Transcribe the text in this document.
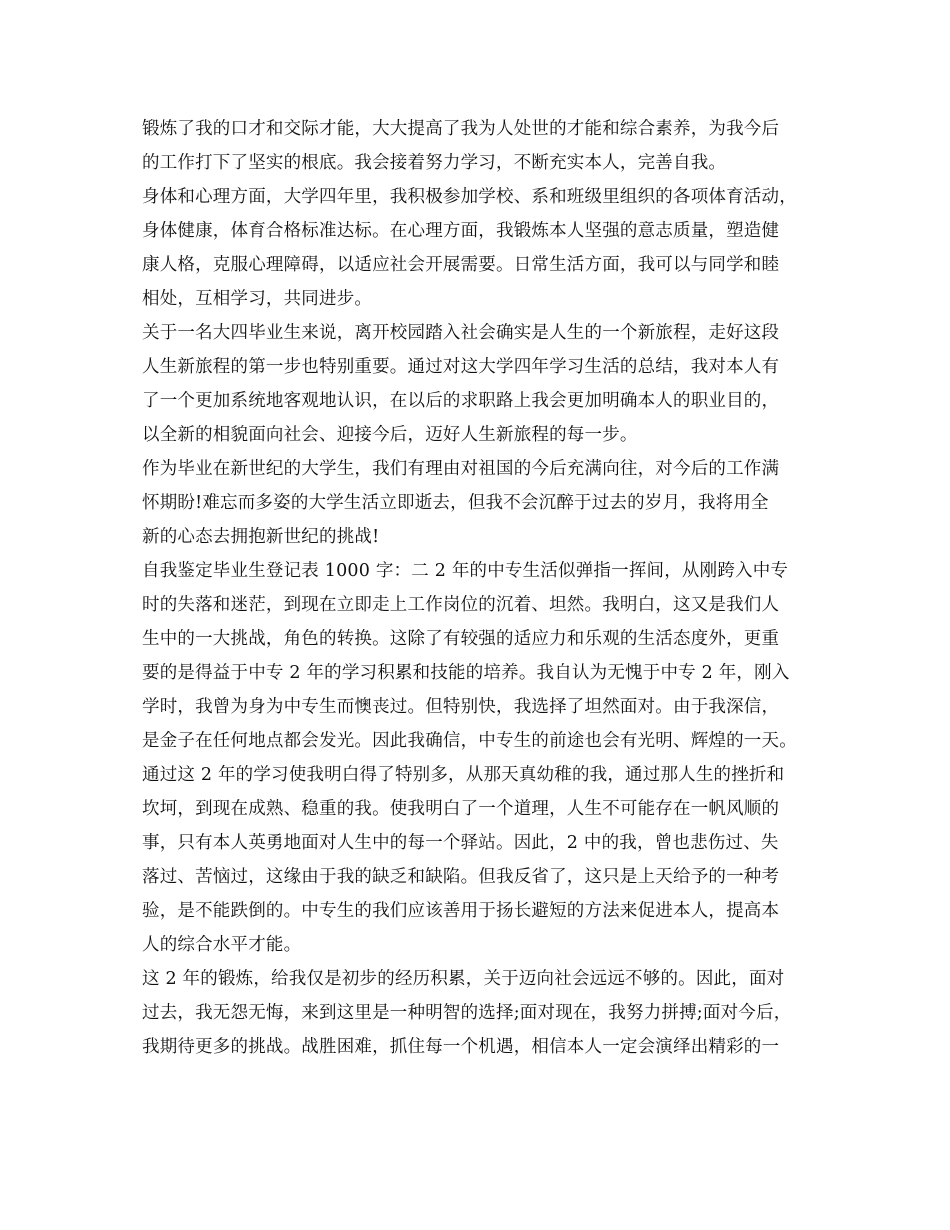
锻炼了我的口才和交际才能，大大提高了我为人处世的才能和综合素养，为我今后
的工作打下了坚实的根底。我会接着努力学习，不断充实本人，完善自我。
身体和心理方面，大学四年里，我积极参加学校、系和班级里组织的各项体育活动，
身体健康，体育合格标准达标。在心理方面，我锻炼本人坚强的意志质量，塑造健
康人格，克服心理障碍，以适应社会开展需要。日常生活方面，我可以与同学和睦
相处，互相学习，共同进步。
关于一名大四毕业生来说，离开校园踏入社会确实是人生的一个新旅程，走好这段
人生新旅程的第一步也特别重要。通过对这大学四年学习生活的总结，我对本人有
了一个更加系统地客观地认识，在以后的求职路上我会更加明确本人的职业目的，
以全新的相貌面向社会、迎接今后，迈好人生新旅程的每一步。
作为毕业在新世纪的大学生，我们有理由对祖国的今后充满向往，对今后的工作满
怀期盼!难忘而多姿的大学生活立即逝去，但我不会沉醉于过去的岁月，我将用全
新的心态去拥抱新世纪的挑战!
自我鉴定毕业生登记表 1000 字：二 2 年的中专生活似弹指一挥间，从刚跨入中专
时的失落和迷茫，到现在立即走上工作岗位的沉着、坦然。我明白，这又是我们人
生中的一大挑战，角色的转换。这除了有较强的适应力和乐观的生活态度外，更重
要的是得益于中专 2 年的学习积累和技能的培养。我自认为无愧于中专 2 年，刚入
学时，我曾为身为中专生而懊丧过。但特别快，我选择了坦然面对。由于我深信，
是金子在任何地点都会发光。因此我确信，中专生的前途也会有光明、辉煌的一天。
通过这 2 年的学习使我明白得了特别多，从那天真幼稚的我，通过那人生的挫折和
坎坷，到现在成熟、稳重的我。使我明白了一个道理，人生不可能存在一帆风顺的
事，只有本人英勇地面对人生中的每一个驿站。因此，2 中的我，曾也悲伤过、失
落过、苦恼过，这缘由于我的缺乏和缺陷。但我反省了，这只是上天给予的一种考
验，是不能跌倒的。中专生的我们应该善用于扬长避短的方法来促进本人，提高本
人的综合水平才能。
这 2 年的锻炼，给我仅是初步的经历积累，关于迈向社会远远不够的。因此，面对
过去，我无怨无悔，来到这里是一种明智的选择;面对现在，我努力拼搏;面对今后，
我期待更多的挑战。战胜困难，抓住每一个机遇，相信本人一定会演绎出精彩的一
